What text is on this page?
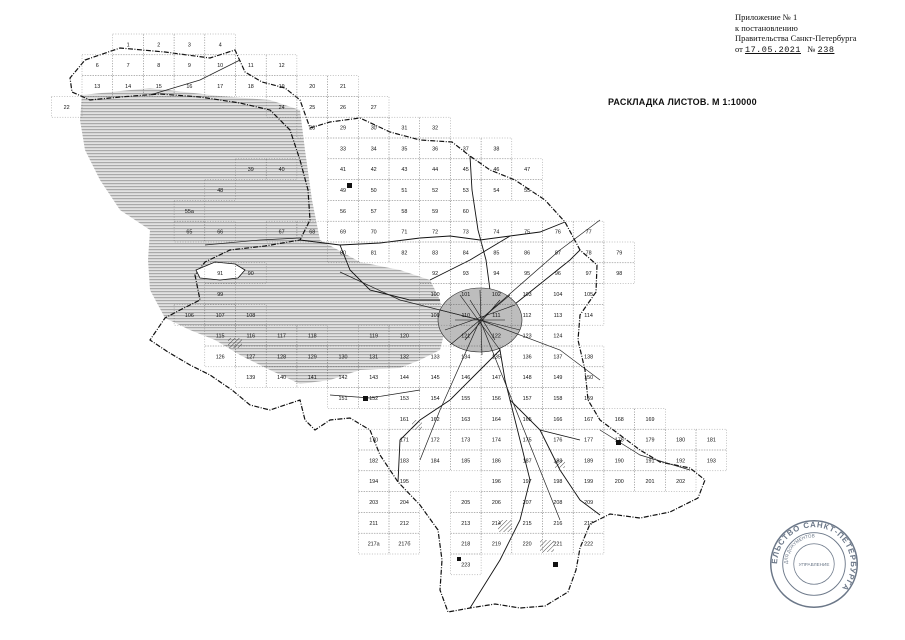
Приложение № 1
к постановлению
Правительства Санкт-Петербурга
от 17.05.2021 № 238
РАСКЛАДКА ЛИСТОВ. М 1:10000
1	2	3	4
6	7	8	9	10	11	12
13	14	15	16	17	18	19	20	21
22	24	25	26	27
28	29	30	31	32
33	34	35	36	37	38
39	40	41	42	43	44	45	46	47
48	49	50	51	52	53	54	55
55a	56	57	58	59	60
65	66	67	68	69	70	71	72	73	74	75	76	77
78	79
80	81	82	83	84	85	86	87
90
91	92	93	94	95	96	97	98
99	100	101	102	103	104	105
106	107	108	109	110	111	112	113	114
115	116	117	118	119	120	121	122	123	124
126	127	128	129	130	131	132	133	134	135	136	137	138
139	140	141	142	143	144	145	146	147	148	149	150
151	152	153	154	155	156	157	158	159
161	162	163	164	165	166	167	168	169
170	171	172	173	174	175	176	177	178	179	180	181
182	183	184	185	186	187	188	189	190	191	192	193
194	195	196	197	198	199	200	201	202
203	204	205	206	207	208	209
211	212	213	214	215	216	217
217a	217б	218	219	220	221	222
223
ЕЛЬСТВО САНКТ-ПЕТЕРБУРГА
ДЛЯ ДОКУМЕНТОВ
УПРАВЛЕНИЕ
